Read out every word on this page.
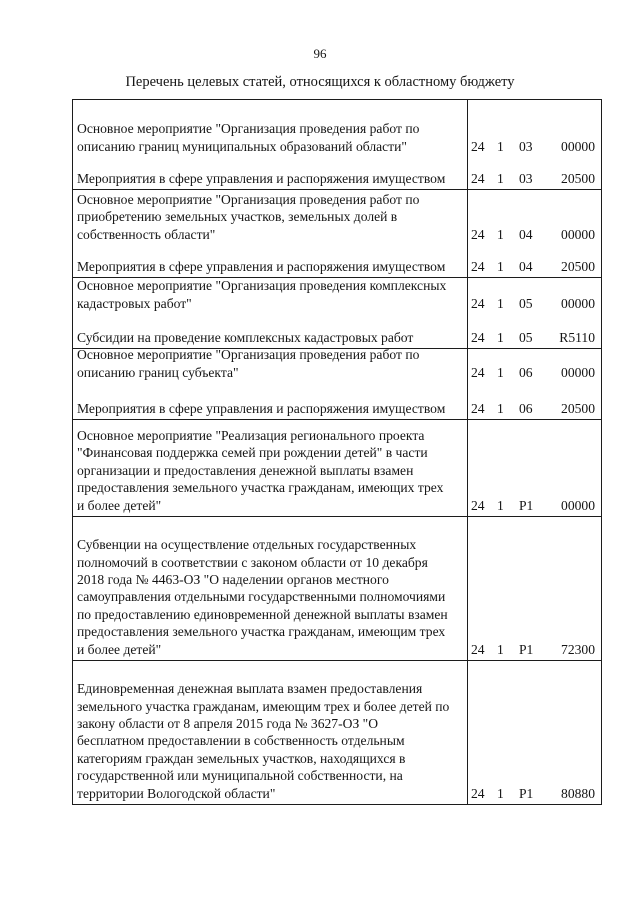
96
Перечень целевых статей, относящихся к областному бюджету
Основное мероприятие "Организация проведения работ по
описанию границ муниципальных образований области"	24 1 03 00000
Мероприятия в сфере управления и распоряжения имуществом	24 1 03 20500
Основное мероприятие "Организация проведения работ по
приобретению земельных участков, земельных долей в
собственность области"	24 1 04 00000
Мероприятия в сфере управления и распоряжения имуществом	24 1 04 20500
Основное мероприятие "Организация проведения комплексных
кадастровых работ"	24 1 05 00000
Субсидии на проведение комплексных кадастровых работ	24 1 05 R5110
Основное мероприятие "Организация проведения работ по
описанию границ субъекта"	24 1 06 00000
Мероприятия в сфере управления и распоряжения имуществом	24 1 06 20500
Основное мероприятие "Реализация регионального проекта
"Финансовая поддержка семей при рождении детей" в части
организации и предоставления денежной выплаты взамен
предоставления земельного участка гражданам, имеющих трех
и более детей"	24 1 P1 00000
Субвенции на осуществление отдельных государственных
полномочий в соответствии с законом области от 10 декабря
2018 года № 4463-ОЗ "О наделении органов местного
самоуправления отдельными государственными полномочиями
по предоставлению единовременной денежной выплаты взамен
предоставления земельного участка гражданам, имеющим трех
и более детей"	24 1 P1 72300
Единовременная денежная выплата взамен предоставления
земельного участка гражданам, имеющим трех и более детей по
закону области от 8 апреля 2015 года № 3627-ОЗ "О
бесплатном предоставлении в собственность отдельным
категориям граждан земельных участков, находящихся в
государственной или муниципальной собственности, на
территории Вологодской области"	24 1 P1 80880
